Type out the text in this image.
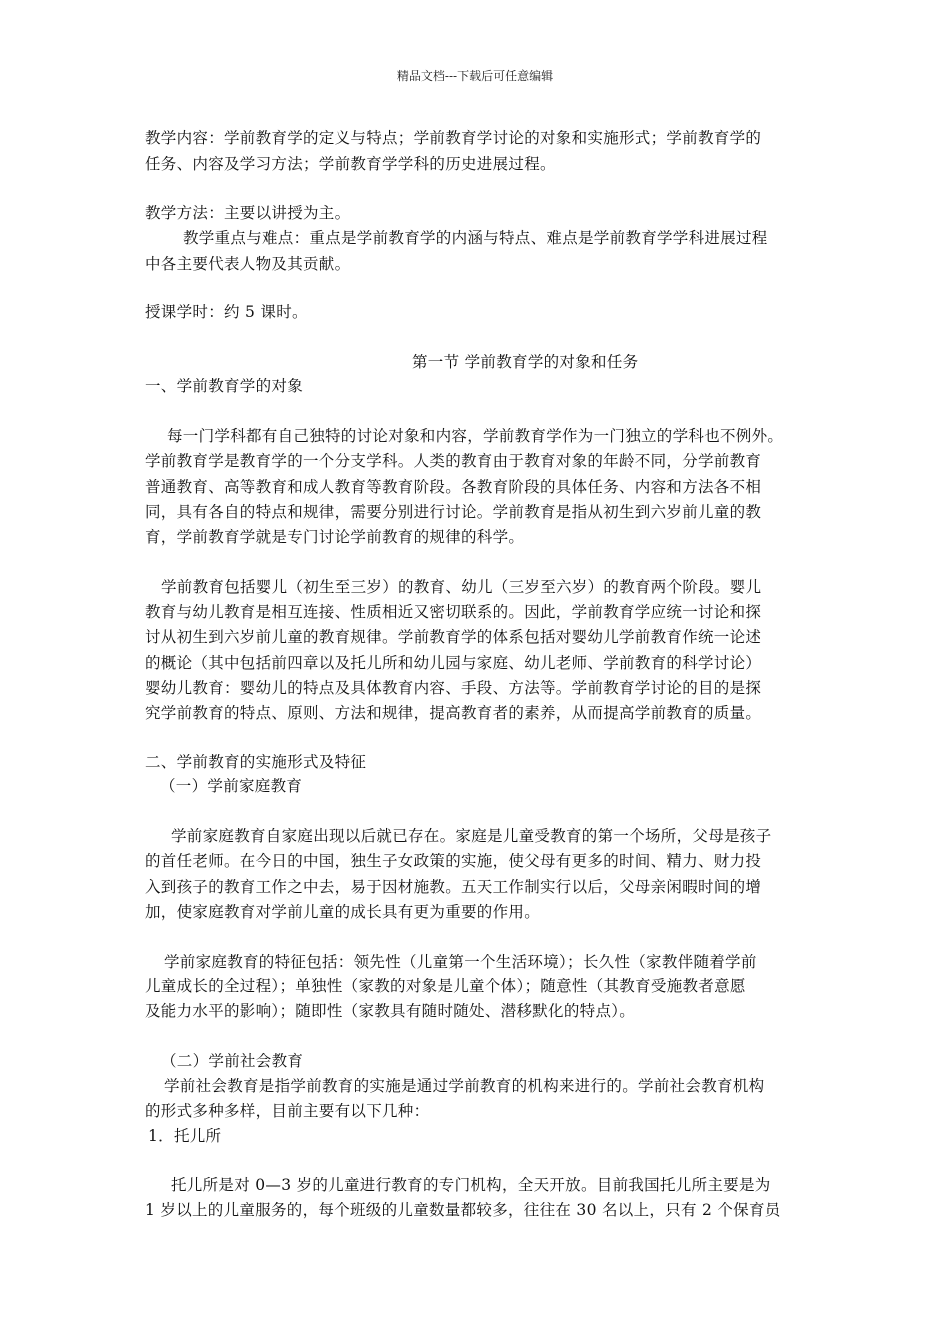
精品文档---下载后可任意编辑
教学内容：学前教育学的定义与特点；学前教育学讨论的对象和实施形式；学前教育学的
任务、内容及学习方法；学前教育学学科的历史进展过程。
教学方法：主要以讲授为主。
教学重点与难点：重点是学前教育学的内涵与特点、难点是学前教育学学科进展过程
中各主要代表人物及其贡献。
授课学时：约 5 课时。
第一节 学前教育学的对象和任务
一、学前教育学的对象
每一门学科都有自己独特的讨论对象和内容，学前教育学作为一门独立的学科也不例外。
学前教育学是教育学的一个分支学科。人类的教育由于教育对象的年龄不同，分学前教育
普通教育、高等教育和成人教育等教育阶段。各教育阶段的具体任务、内容和方法各不相
同，具有各自的特点和规律，需要分别进行讨论。学前教育是指从初生到六岁前儿童的教
育，学前教育学就是专门讨论学前教育的规律的科学。
学前教育包括婴儿（初生至三岁）的教育、幼儿（三岁至六岁）的教育两个阶段。婴儿
教育与幼儿教育是相互连接、性质相近又密切联系的。因此，学前教育学应统一讨论和探
讨从初生到六岁前儿童的教育规律。学前教育学的体系包括对婴幼儿学前教育作统一论述
的概论（其中包括前四章以及托儿所和幼儿园与家庭、幼儿老师、学前教育的科学讨论）
婴幼儿教育：婴幼儿的特点及具体教育内容、手段、方法等。学前教育学讨论的目的是探
究学前教育的特点、原则、方法和规律，提高教育者的素养，从而提高学前教育的质量。
二、学前教育的实施形式及特征
（一）学前家庭教育
学前家庭教育自家庭出现以后就已存在。家庭是儿童受教育的第一个场所，父母是孩子
的首任老师。在今日的中国，独生子女政策的实施，使父母有更多的时间、精力、财力投
入到孩子的教育工作之中去，易于因材施教。五天工作制实行以后，父母亲闲暇时间的增
加，使家庭教育对学前儿童的成长具有更为重要的作用。
学前家庭教育的特征包括：领先性（儿童第一个生活环境）；长久性（家教伴随着学前
儿童成长的全过程）；单独性（家教的对象是儿童个体）；随意性（其教育受施教者意愿
及能力水平的影响）；随即性（家教具有随时随处、潜移默化的特点）。
（二）学前社会教育
学前社会教育是指学前教育的实施是通过学前教育的机构来进行的。学前社会教育机构
的形式多种多样，目前主要有以下几种：
1．托儿所
托儿所是对 0—3 岁的儿童进行教育的专门机构，全天开放。目前我国托儿所主要是为
1 岁以上的儿童服务的，每个班级的儿童数量都较多，往往在 30 名以上，只有 2 个保育员
